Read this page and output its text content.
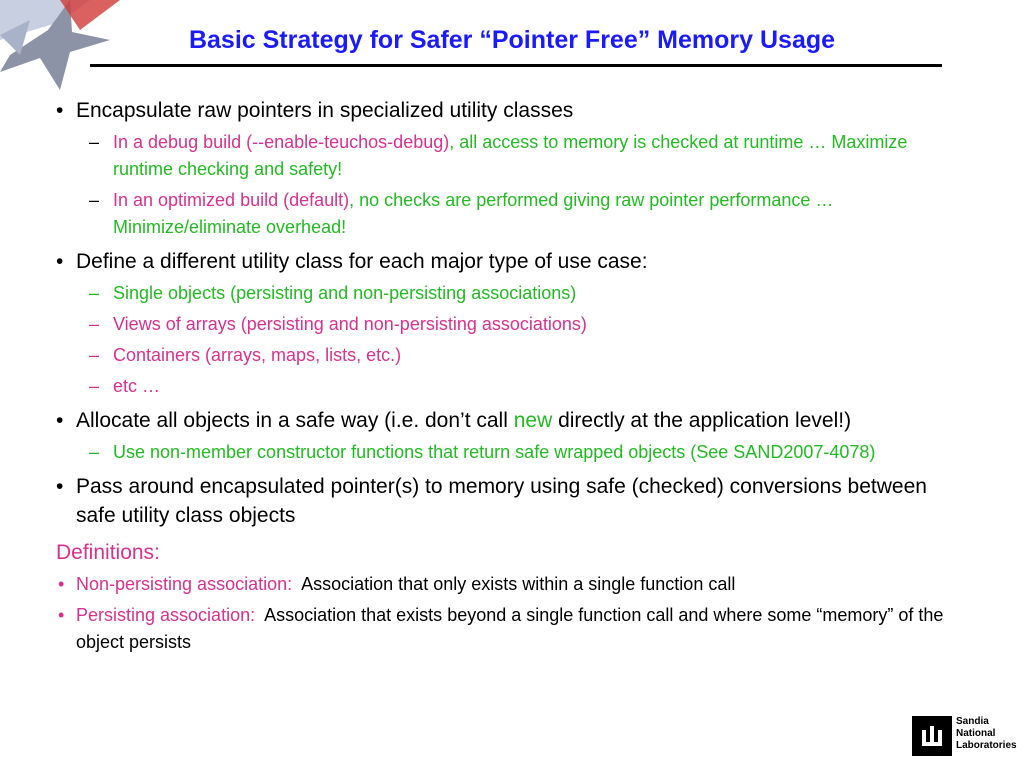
Basic Strategy for Safer “Pointer Free” Memory Usage
• Encapsulate raw pointers in specialized utility classes
– In a debug build (--enable-teuchos-debug), all access to memory is checked at runtime … Maximize runtime checking and safety!
– In an optimized build (default), no checks are performed giving raw pointer performance … Minimize/eliminate overhead!
• Define a different utility class for each major type of use case:
– Single objects (persisting and non-persisting associations)
– Views of arrays (persisting and non-persisting associations)
– Containers (arrays, maps, lists, etc.)
– etc …
• Allocate all objects in a safe way (i.e. don’t call new directly at the application level!)
– Use non-member constructor functions that return safe wrapped objects (See SAND2007-4078)
• Pass around encapsulated pointer(s) to memory using safe (checked) conversions between safe utility class objects
Definitions:
• Non-persisting association:  Association that only exists within a single function call
• Persisting association:  Association that exists beyond a single function call and where some “memory” of the object persists
Sandia
National
Laboratories
